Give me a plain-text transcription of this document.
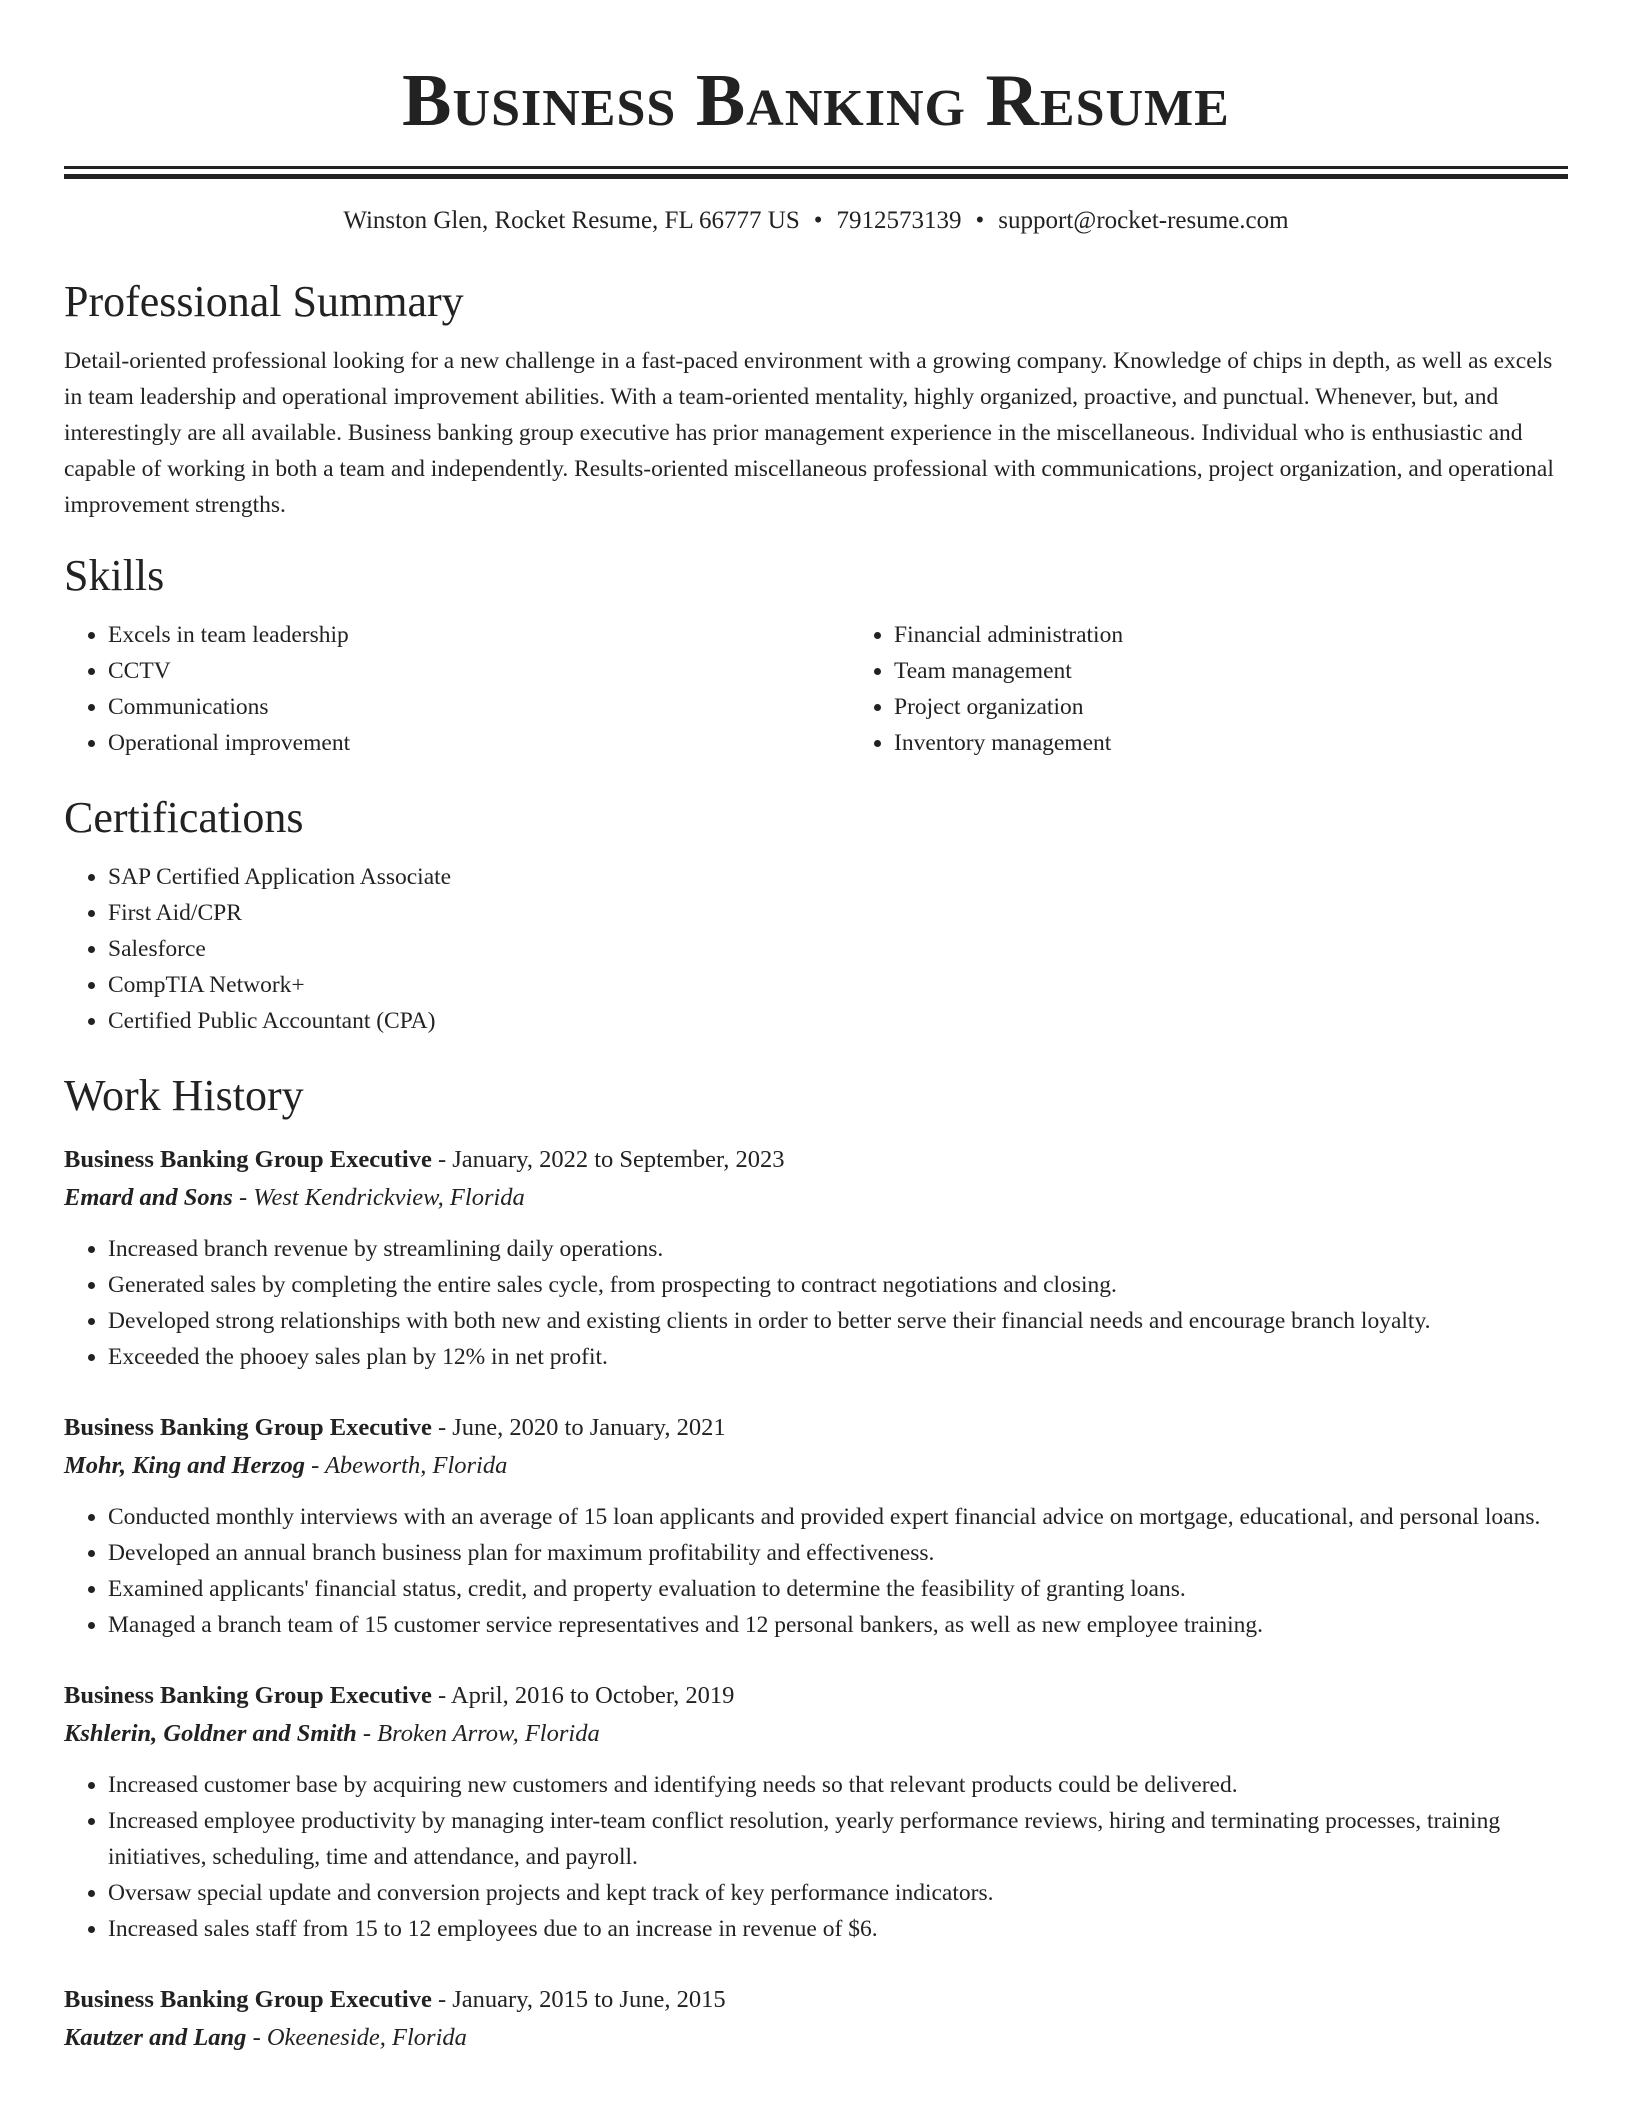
Business Banking Resume
Winston Glen, Rocket Resume, FL 66777 US • 7912573139 • support@rocket-resume.com
Professional Summary

Detail-oriented professional looking for a new challenge in a fast-paced environment with a growing company. Knowledge of chips in depth, as well as excels in team leadership and operational improvement abilities. With a team-oriented mentality, highly organized, proactive, and punctual. Whenever, but, and interestingly are all available. Business banking group executive has prior management experience in the miscellaneous. Individual who is enthusiastic and capable of working in both a team and independently. Results-oriented miscellaneous professional with communications, project organization, and operational improvement strengths.

Skills
• Excels in team leadership
• CCTV
• Communications
• Operational improvement
• Financial administration
• Team management
• Project organization
• Inventory management
Certifications
• SAP Certified Application Associate
• First Aid/CPR
• Salesforce
• CompTIA Network+
• Certified Public Accountant (CPA)
Work History
Business Banking Group Executive - January, 2022 to September, 2023
Emard and Sons - West Kendrickview, Florida
• Increased branch revenue by streamlining daily operations.
• Generated sales by completing the entire sales cycle, from prospecting to contract negotiations and closing.
• Developed strong relationships with both new and existing clients in order to better serve their financial needs and encourage branch loyalty.
• Exceeded the phooey sales plan by 12% in net profit.
Business Banking Group Executive - June, 2020 to January, 2021
Mohr, King and Herzog - Abeworth, Florida
• Conducted monthly interviews with an average of 15 loan applicants and provided expert financial advice on mortgage, educational, and personal loans.
• Developed an annual branch business plan for maximum profitability and effectiveness.
• Examined applicants' financial status, credit, and property evaluation to determine the feasibility of granting loans.
• Managed a branch team of 15 customer service representatives and 12 personal bankers, as well as new employee training.
Business Banking Group Executive - April, 2016 to October, 2019
Kshlerin, Goldner and Smith - Broken Arrow, Florida
• Increased customer base by acquiring new customers and identifying needs so that relevant products could be delivered.
• Increased employee productivity by managing inter-team conflict resolution, yearly performance reviews, hiring and terminating processes, training initiatives, scheduling, time and attendance, and payroll.
• Oversaw special update and conversion projects and kept track of key performance indicators.
• Increased sales staff from 15 to 12 employees due to an increase in revenue of $6.
Business Banking Group Executive - January, 2015 to June, 2015
Kautzer and Lang - Okeeneside, Florida
